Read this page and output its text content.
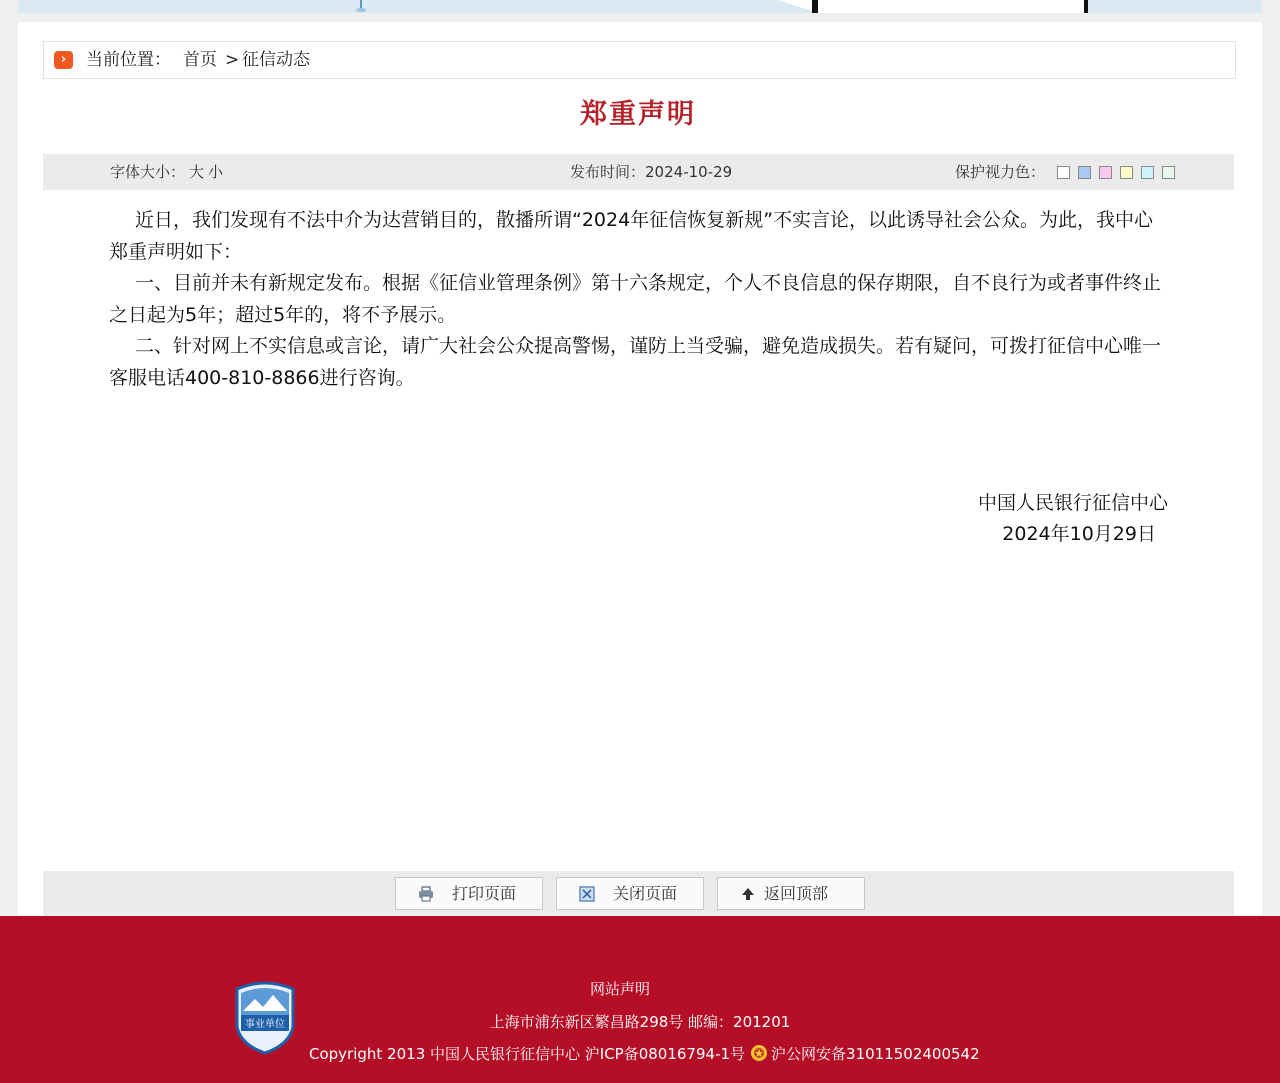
›	当前位置： 首页 > 征信动态
郑重声明
字体大小： 大 小	发布时间：2024-10-29	保护视力色：

近日，我们发现有不法中介为达营销目的，散播所谓“2024年征信恢复新规”不实言论，以此诱导社会公众。为此，我中心郑重声明如下：

一、目前并未有新规定发布。根据《征信业管理条例》第十六条规定，个人不良信息的保存期限，自不良行为或者事件终止之日起为5年；超过5年的，将不予展示。

二、针对网上不实信息或言论，请广大社会公众提高警惕，谨防上当受骗，避免造成损失。若有疑问，可拨打征信中心唯一客服电话400-810-8866进行咨询。

中国人民银行征信中心
2024年10月29日
打印页面	关闭页面	返回顶部
事业单位
网站声明
上海市浦东新区繁昌路298号 邮编：201201
Copyright 2013 中国人民银行征信中心 沪ICP备08016794-1号 沪公网安备31011502400542
